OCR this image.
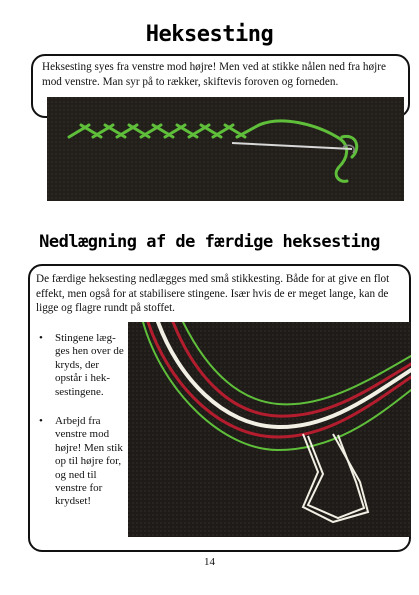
Heksesting
Heksesting syes fra venstre mod højre! Men ved at stikke nålen ned fra højre mod venstre. Man syr på to rækker, skiftevis foroven og forneden.
Nedlægning af de færdige heksesting
De færdige heksesting nedlægges med små stikkesting. Både for at give en flot effekt, men også for at stabilisere stingene. Især hvis de er meget lange, kan de ligge og flagre rundt på stoffet.
• Stingene læg-ges hen over de kryds, der opstår i hek-sestingene.
• Arbejd fra venstre mod højre! Men stik op til højre for, og ned til venstre for krydset!
14
